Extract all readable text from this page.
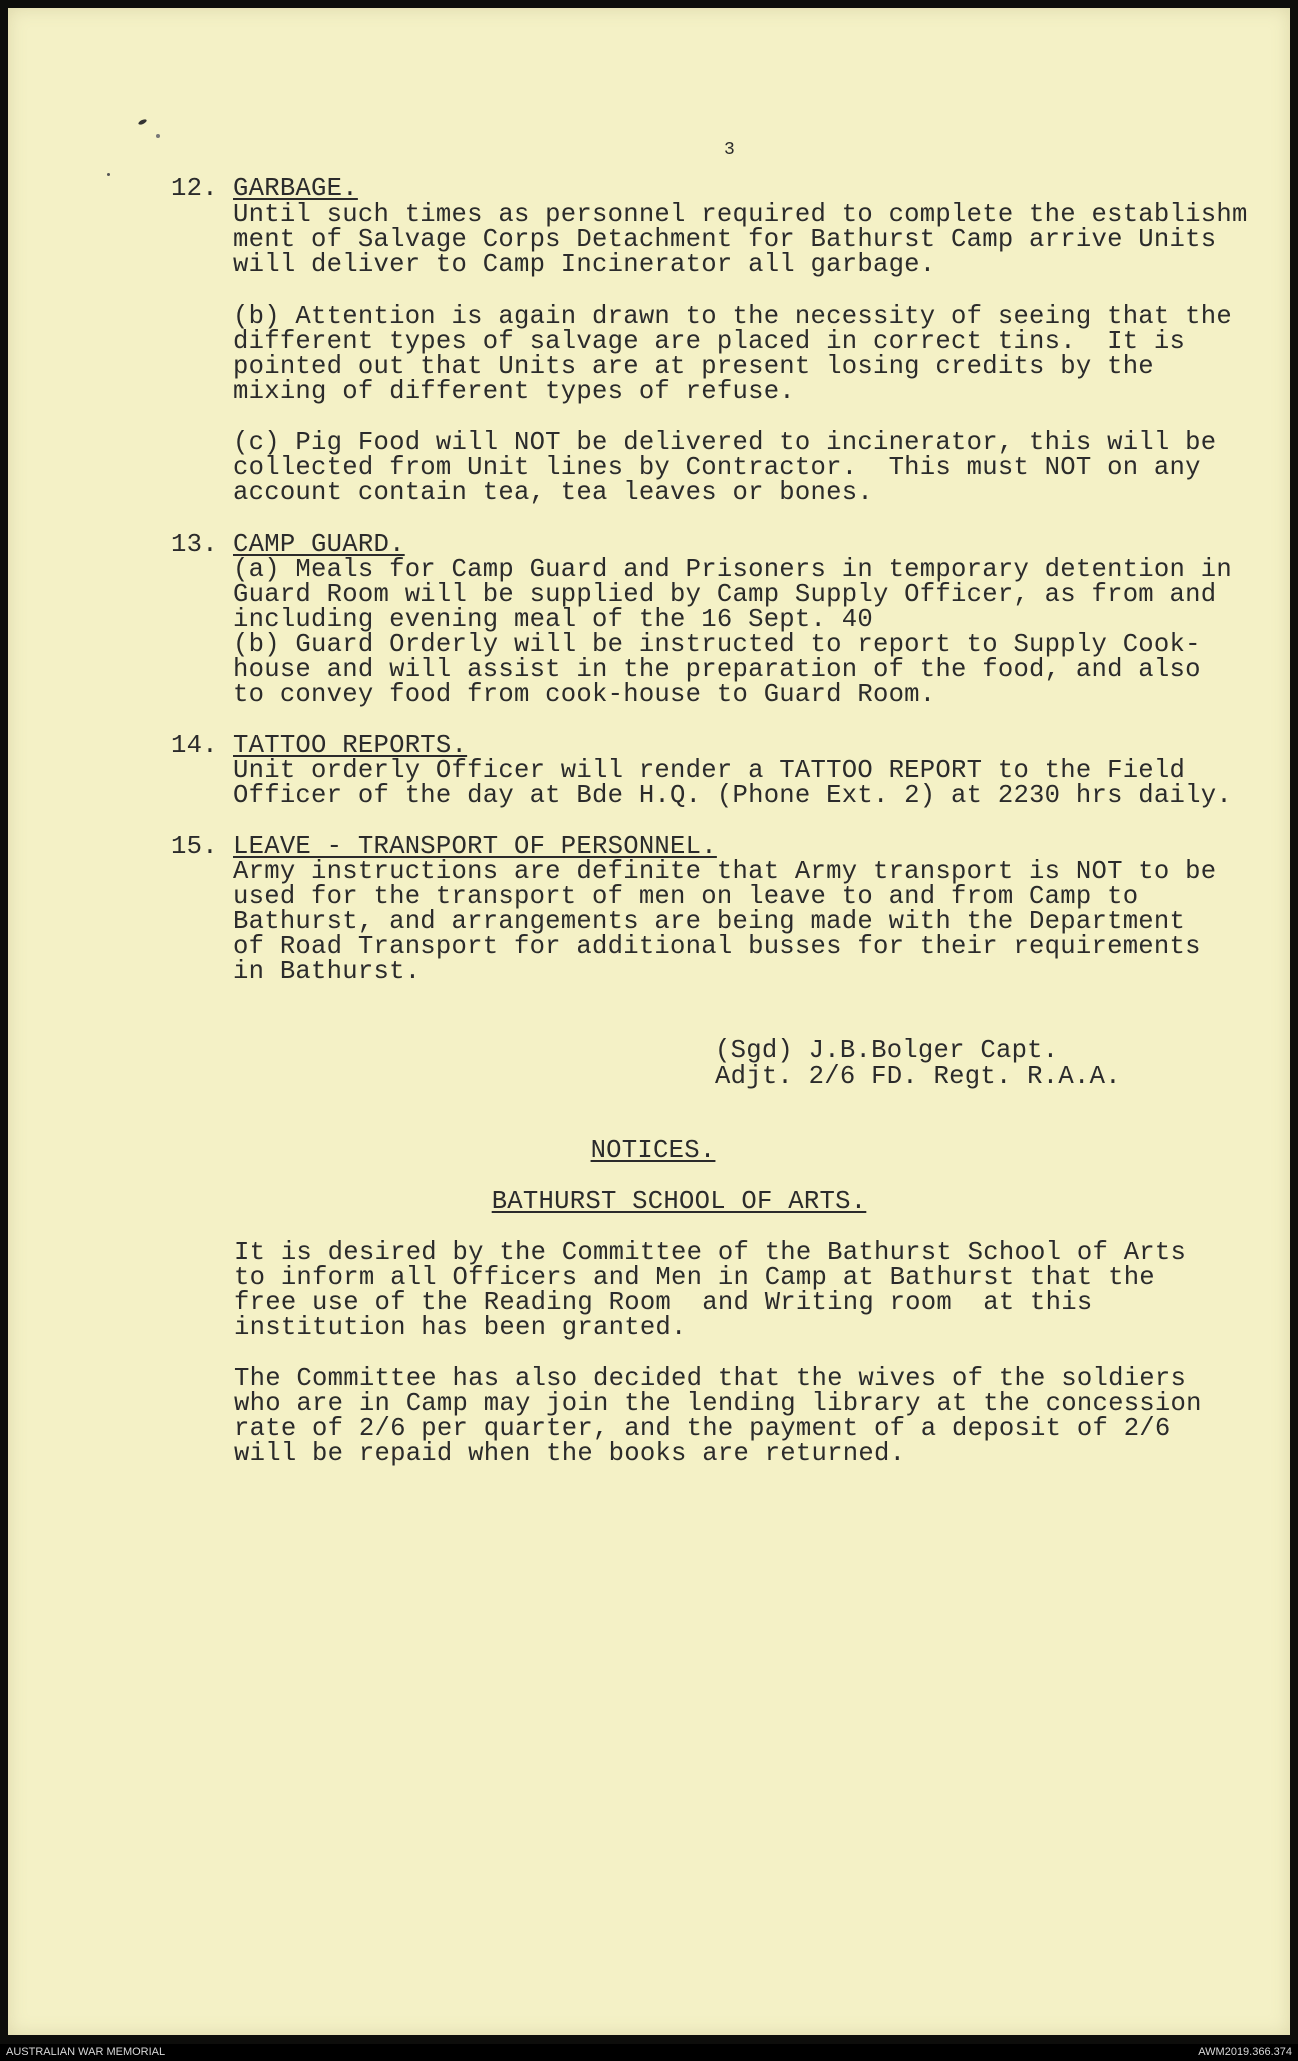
3

12. GARBAGE.

Until such times as personnel required to complete the establishm

ment of Salvage Corps Detachment for Bathurst Camp arrive Units

will deliver to Camp Incinerator all garbage.

(b) Attention is again drawn to the necessity of seeing that the

different types of salvage are placed in correct tins.  It is

pointed out that Units are at present losing credits by the

mixing of different types of refuse.

(c) Pig Food will NOT be delivered to incinerator, this will be

collected from Unit lines by Contractor.  This must NOT on any

account contain tea, tea leaves or bones.

13. CAMP GUARD.

(a) Meals for Camp Guard and Prisoners in temporary detention in

Guard Room will be supplied by Camp Supply Officer, as from and

including evening meal of the 16 Sept. 40

(b) Guard Orderly will be instructed to report to Supply Cook-

house and will assist in the preparation of the food, and also

to convey food from cook-house to Guard Room.

14. TATTOO REPORTS.

Unit orderly Officer will render a TATTOO REPORT to the Field

Officer of the day at Bde H.Q. (Phone Ext. 2) at 2230 hrs daily.

15. LEAVE - TRANSPORT OF PERSONNEL.

Army instructions are definite that Army transport is NOT to be

used for the transport of men on leave to and from Camp to

Bathurst, and arrangements are being made with the Department

of Road Transport for additional busses for their requirements

in Bathurst.

(Sgd) J.B.Bolger Capt.

Adjt. 2/6 FD. Regt. R.A.A.

NOTICES.

BATHURST SCHOOL OF ARTS.

It is desired by the Committee of the Bathurst School of Arts

to inform all Officers and Men in Camp at Bathurst that the

free use of the Reading Room  and Writing room  at this

institution has been granted.

The Committee has also decided that the wives of the soldiers

who are in Camp may join the lending library at the concession

rate of 2/6 per quarter, and the payment of a deposit of 2/6

will be repaid when the books are returned.

AUSTRALIAN WAR MEMORIAL	AWM2019.366.374
